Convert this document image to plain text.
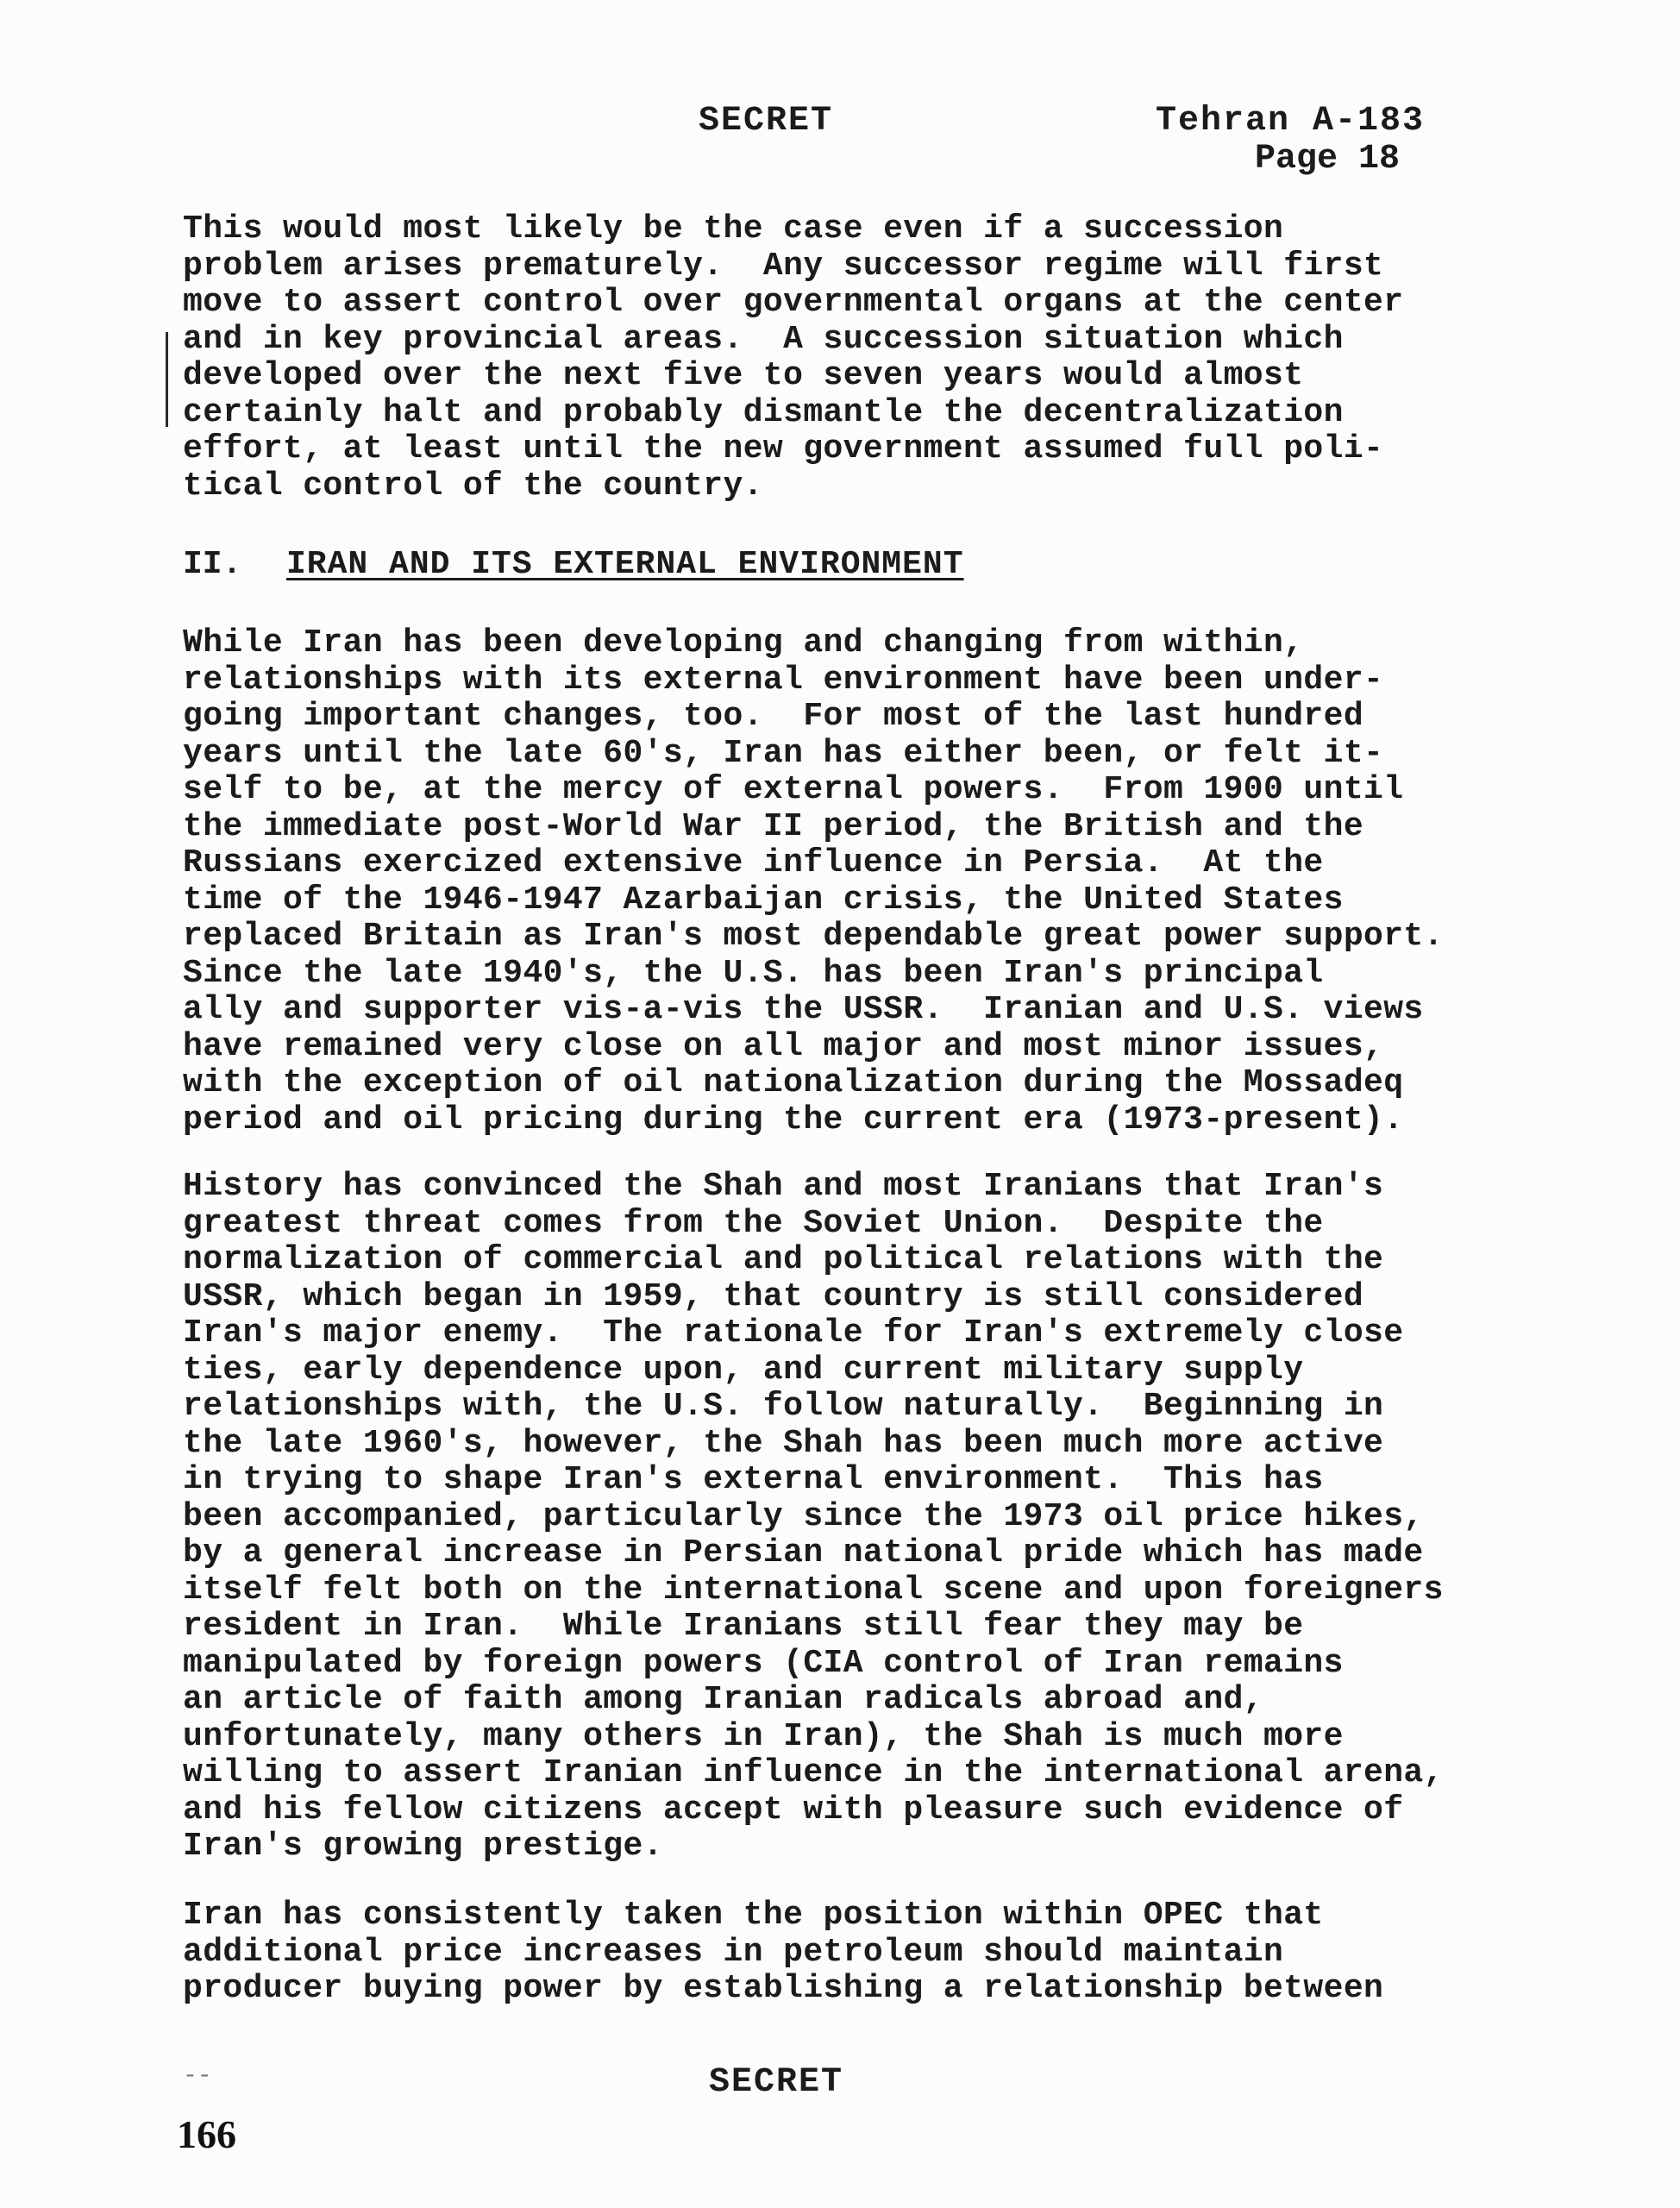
SECRET	Tehran A-183
Page 18
This would most likely be the case even if a succession
problem arises prematurely.  Any successor regime will first
move to assert control over governmental organs at the center
and in key provincial areas.  A succession situation which
developed over the next five to seven years would almost
certainly halt and probably dismantle the decentralization
effort, at least until the new government assumed full poli-
tical control of the country.
II. IRAN AND ITS EXTERNAL ENVIRONMENT
While Iran has been developing and changing from within,
relationships with its external environment have been under-
going important changes, too.  For most of the last hundred
years until the late 60's, Iran has either been, or felt it-
self to be, at the mercy of external powers.  From 1900 until
the immediate post-World War II period, the British and the
Russians exercized extensive influence in Persia.  At the
time of the 1946-1947 Azarbaijan crisis, the United States
replaced Britain as Iran's most dependable great power support.
Since the late 1940's, the U.S. has been Iran's principal
ally and supporter vis-a-vis the USSR.  Iranian and U.S. views
have remained very close on all major and most minor issues,
with the exception of oil nationalization during the Mossadeq
period and oil pricing during the current era (1973-present).
History has convinced the Shah and most Iranians that Iran's
greatest threat comes from the Soviet Union.  Despite the
normalization of commercial and political relations with the
USSR, which began in 1959, that country is still considered
Iran's major enemy.  The rationale for Iran's extremely close
ties, early dependence upon, and current military supply
relationships with, the U.S. follow naturally.  Beginning in
the late 1960's, however, the Shah has been much more active
in trying to shape Iran's external environment.  This has
been accompanied, particularly since the 1973 oil price hikes,
by a general increase in Persian national pride which has made
itself felt both on the international scene and upon foreigners
resident in Iran.  While Iranians still fear they may be
manipulated by foreign powers (CIA control of Iran remains
an article of faith among Iranian radicals abroad and,
unfortunately, many others in Iran), the Shah is much more
willing to assert Iranian influence in the international arena,
and his fellow citizens accept with pleasure such evidence of
Iran's growing prestige.
Iran has consistently taken the position within OPEC that
additional price increases in petroleum should maintain
producer buying power by establishing a relationship between
--	SECRET
166
